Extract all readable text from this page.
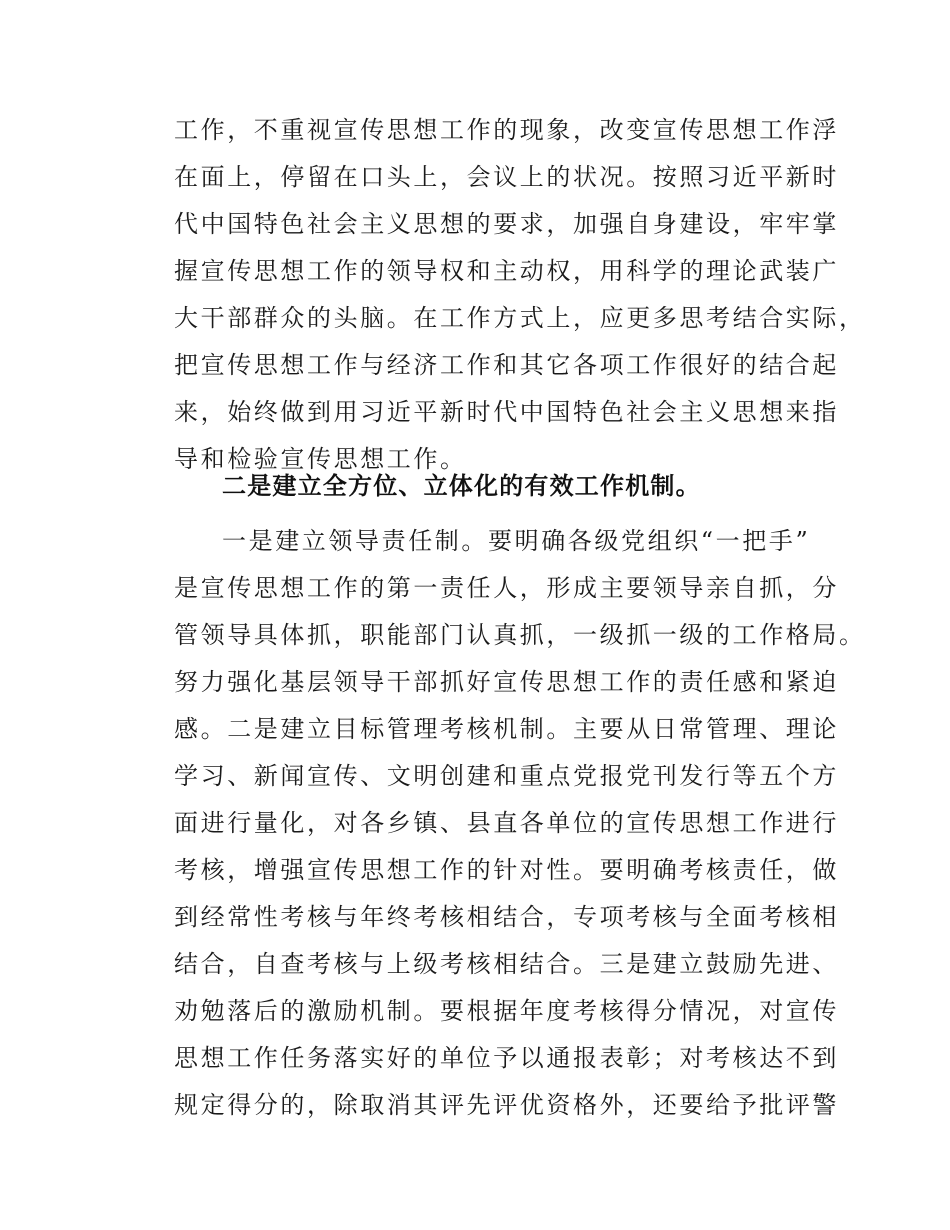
工作，不重视宣传思想工作的现象，改变宣传思想工作浮
在面上，停留在口头上，会议上的状况。按照习近平新时
代中国特色社会主义思想的要求，加强自身建设，牢牢掌
握宣传思想工作的领导权和主动权，用科学的理论武装广
大干部群众的头脑。在工作方式上，应更多思考结合实际，
把宣传思想工作与经济工作和其它各项工作很好的结合起
来，始终做到用习近平新时代中国特色社会主义思想来指
导和检验宣传思想工作。
二是建立全方位、立体化的有效工作机制。
一是建立领导责任制。要明确各级党组织“一把手”
是宣传思想工作的第一责任人，形成主要领导亲自抓，分
管领导具体抓，职能部门认真抓，一级抓一级的工作格局。
努力强化基层领导干部抓好宣传思想工作的责任感和紧迫
感。二是建立目标管理考核机制。主要从日常管理、理论
学习、新闻宣传、文明创建和重点党报党刊发行等五个方
面进行量化，对各乡镇、县直各单位的宣传思想工作进行
考核，增强宣传思想工作的针对性。要明确考核责任，做
到经常性考核与年终考核相结合，专项考核与全面考核相
结合，自查考核与上级考核相结合。三是建立鼓励先进、
劝勉落后的激励机制。要根据年度考核得分情况，对宣传
思想工作任务落实好的单位予以通报表彰；对考核达不到
规定得分的，除取消其评先评优资格外，还要给予批评警
